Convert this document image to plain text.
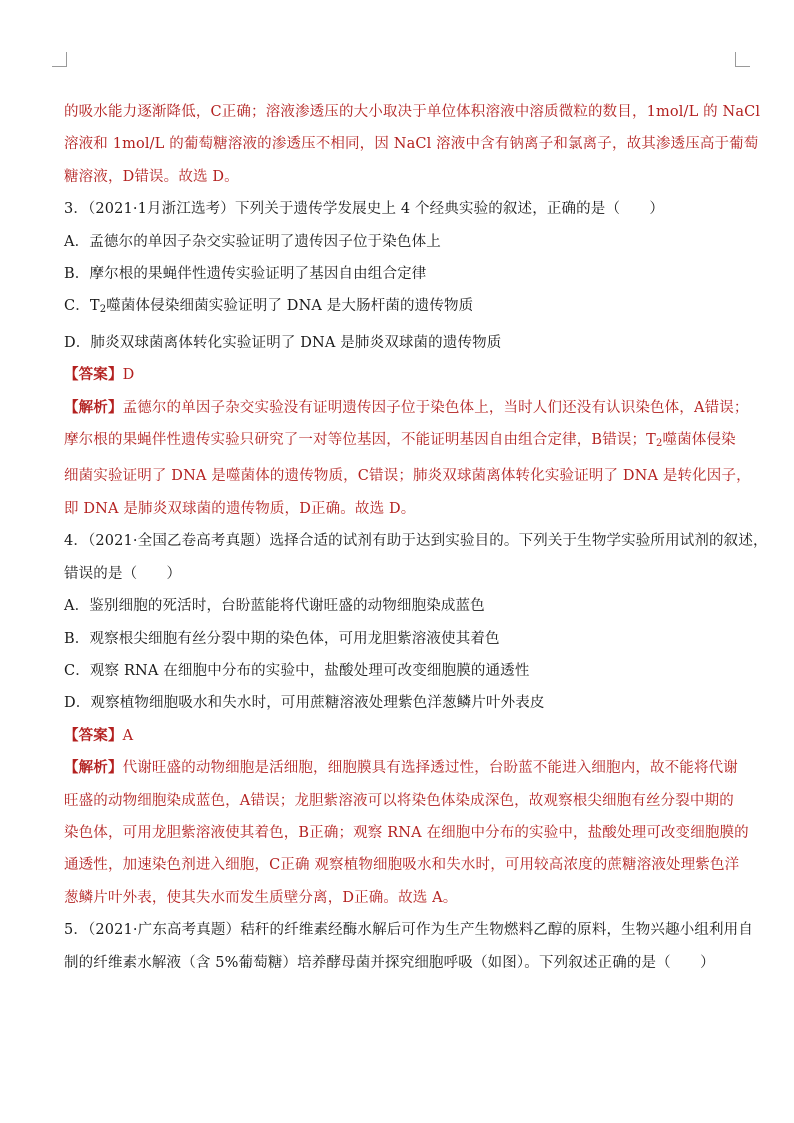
的吸水能力逐渐降低，C正确；溶液渗透压的大小取决于单位体积溶液中溶质微粒的数目，1mol/L 的 NaCl
溶液和 1mol/L 的葡萄糖溶液的渗透压不相同，因 NaCl 溶液中含有钠离子和氯离子，故其渗透压高于葡萄
糖溶液，D错误。故选 D。
3．（2021·1月浙江选考）下列关于遗传学发展史上 4 个经典实验的叙述，正确的是（　　）
A．孟德尔的单因子杂交实验证明了遗传因子位于染色体上
B．摩尔根的果蝇伴性遗传实验证明了基因自由组合定律
C．$T_2$噬菌体侵染细菌实验证明了 DNA 是大肠杆菌的遗传物质
D．肺炎双球菌离体转化实验证明了 DNA 是肺炎双球菌的遗传物质
【答案】D
【解析】孟德尔的单因子杂交实验没有证明遗传因子位于染色体上，当时人们还没有认识染色体，A错误；
摩尔根的果蝇伴性遗传实验只研究了一对等位基因，不能证明基因自由组合定律，B错误；$T_2$噬菌体侵染
细菌实验证明了 DNA 是噬菌体的遗传物质，C错误；肺炎双球菌离体转化实验证明了 DNA 是转化因子，
即 DNA 是肺炎双球菌的遗传物质，D正确。故选 D。
4．（2021·全国乙卷高考真题）选择合适的试剂有助于达到实验目的。下列关于生物学实验所用试剂的叙述，
错误的是（　　）
A．鉴别细胞的死活时，台盼蓝能将代谢旺盛的动物细胞染成蓝色
B．观察根尖细胞有丝分裂中期的染色体，可用龙胆紫溶液使其着色
C．观察 RNA 在细胞中分布的实验中，盐酸处理可改变细胞膜的通透性
D．观察植物细胞吸水和失水时，可用蔗糖溶液处理紫色洋葱鳞片叶外表皮
【答案】A
【解析】代谢旺盛的动物细胞是活细胞，细胞膜具有选择透过性，台盼蓝不能进入细胞内，故不能将代谢
旺盛的动物细胞染成蓝色，A错误；龙胆紫溶液可以将染色体染成深色，故观察根尖细胞有丝分裂中期的
染色体，可用龙胆紫溶液使其着色，B正确；观察 RNA 在细胞中分布的实验中，盐酸处理可改变细胞膜的
通透性，加速染色剂进入细胞，C正确 观察植物细胞吸水和失水时，可用较高浓度的蔗糖溶液处理紫色洋
葱鳞片叶外表，使其失水而发生质壁分离，D正确。故选 A。
5．（2021·广东高考真题）秸秆的纤维素经酶水解后可作为生产生物燃料乙醇的原料，生物兴趣小组利用自
制的纤维素水解液（含 5%葡萄糖）培养酵母菌并探究细胞呼吸（如图）。下列叙述正确的是（　　）
